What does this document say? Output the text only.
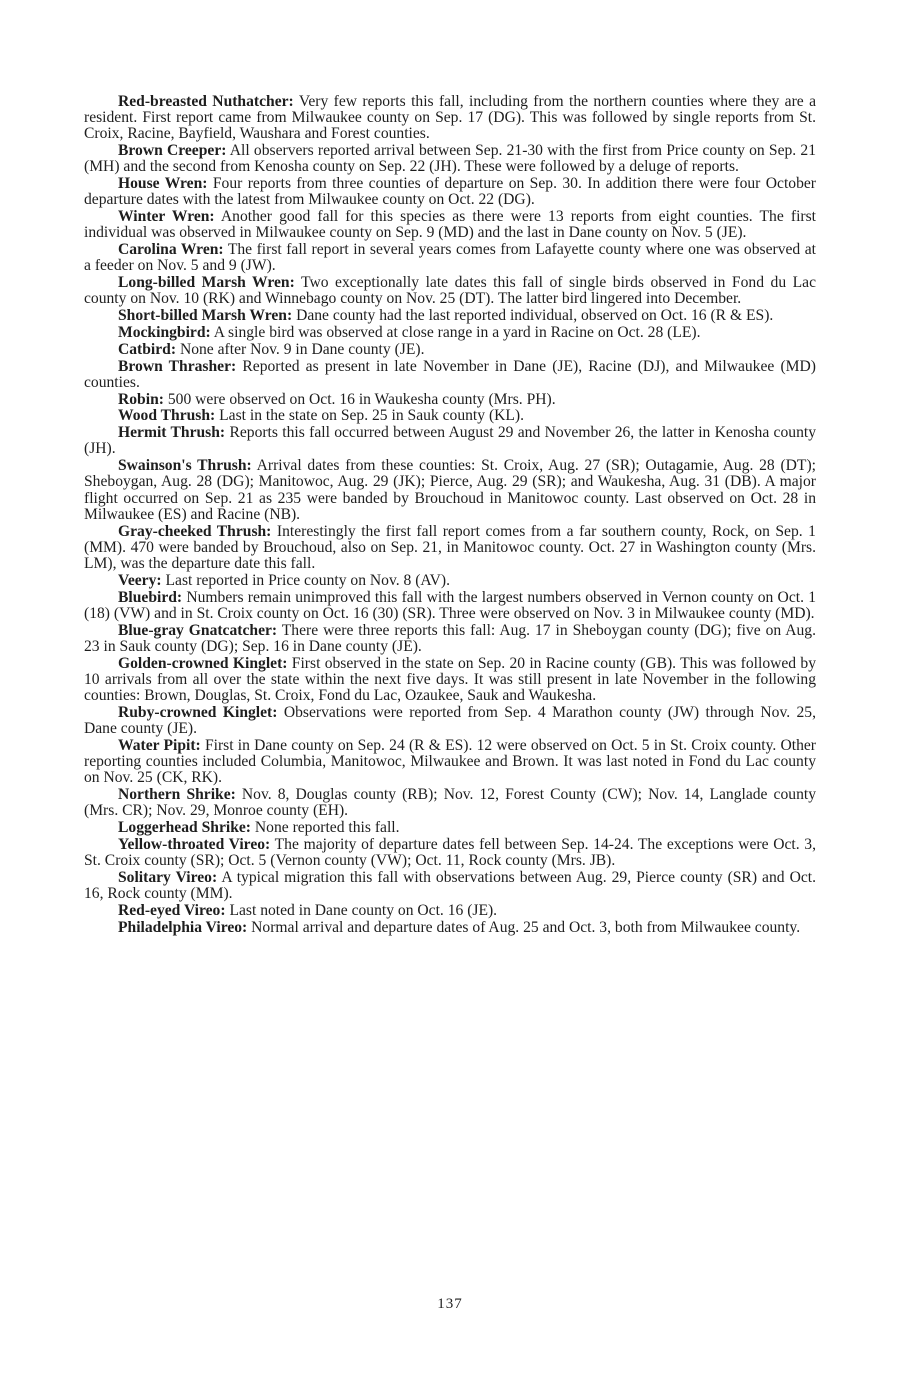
Red-breasted Nuthatcher: Very few reports this fall, including from the northern counties where they are a resident. First report came from Milwaukee county on Sep. 17 (DG). This was followed by single reports from St. Croix, Racine, Bayfield, Waushara and Forest counties.

Brown Creeper: All observers reported arrival between Sep. 21-30 with the first from Price county on Sep. 21 (MH) and the second from Kenosha county on Sep. 22 (JH). These were followed by a deluge of reports.

House Wren: Four reports from three counties of departure on Sep. 30. In addition there were four October departure dates with the latest from Milwaukee county on Oct. 22 (DG).

Winter Wren: Another good fall for this species as there were 13 reports from eight counties. The first individual was observed in Milwaukee county on Sep. 9 (MD) and the last in Dane county on Nov. 5 (JE).

Carolina Wren: The first fall report in several years comes from Lafayette county where one was observed at a feeder on Nov. 5 and 9 (JW).

Long-billed Marsh Wren: Two exceptionally late dates this fall of single birds observed in Fond du Lac county on Nov. 10 (RK) and Winnebago county on Nov. 25 (DT). The latter bird lingered into December.

Short-billed Marsh Wren: Dane county had the last reported individual, observed on Oct. 16 (R & ES).

Mockingbird: A single bird was observed at close range in a yard in Racine on Oct. 28 (LE).

Catbird: None after Nov. 9 in Dane county (JE).

Brown Thrasher: Reported as present in late November in Dane (JE), Racine (DJ), and Milwaukee (MD) counties.

Robin: 500 were observed on Oct. 16 in Waukesha county (Mrs. PH).

Wood Thrush: Last in the state on Sep. 25 in Sauk county (KL).

Hermit Thrush: Reports this fall occurred between August 29 and November 26, the latter in Kenosha county (JH).

Swainson's Thrush: Arrival dates from these counties: St. Croix, Aug. 27 (SR); Outagamie, Aug. 28 (DT); Sheboygan, Aug. 28 (DG); Manitowoc, Aug. 29 (JK); Pierce, Aug. 29 (SR); and Waukesha, Aug. 31 (DB). A major flight occurred on Sep. 21 as 235 were banded by Brouchoud in Manitowoc county. Last observed on Oct. 28 in Milwaukee (ES) and Racine (NB).

Gray-cheeked Thrush: Interestingly the first fall report comes from a far southern county, Rock, on Sep. 1 (MM). 470 were banded by Brouchoud, also on Sep. 21, in Manitowoc county. Oct. 27 in Washington county (Mrs. LM), was the departure date this fall.

Veery: Last reported in Price county on Nov. 8 (AV).

Bluebird: Numbers remain unimproved this fall with the largest numbers observed in Vernon county on Oct. 1 (18) (VW) and in St. Croix county on Oct. 16 (30) (SR). Three were observed on Nov. 3 in Milwaukee county (MD).

Blue-gray Gnatcatcher: There were three reports this fall: Aug. 17 in Sheboygan county (DG); five on Aug. 23 in Sauk county (DG); Sep. 16 in Dane county (JE).

Golden-crowned Kinglet: First observed in the state on Sep. 20 in Racine county (GB). This was followed by 10 arrivals from all over the state within the next five days. It was still present in late November in the following counties: Brown, Douglas, St. Croix, Fond du Lac, Ozaukee, Sauk and Waukesha.

Ruby-crowned Kinglet: Observations were reported from Sep. 4 Marathon county (JW) through Nov. 25, Dane county (JE).

Water Pipit: First in Dane county on Sep. 24 (R & ES). 12 were observed on Oct. 5 in St. Croix county. Other reporting counties included Columbia, Manitowoc, Milwaukee and Brown. It was last noted in Fond du Lac county on Nov. 25 (CK, RK).

Northern Shrike: Nov. 8, Douglas county (RB); Nov. 12, Forest County (CW); Nov. 14, Langlade county (Mrs. CR); Nov. 29, Monroe county (EH).

Loggerhead Shrike: None reported this fall.

Yellow-throated Vireo: The majority of departure dates fell between Sep. 14-24. The exceptions were Oct. 3, St. Croix county (SR); Oct. 5 (Vernon county (VW); Oct. 11, Rock county (Mrs. JB).

Solitary Vireo: A typical migration this fall with observations between Aug. 29, Pierce county (SR) and Oct. 16, Rock county (MM).

Red-eyed Vireo: Last noted in Dane county on Oct. 16 (JE).

Philadelphia Vireo: Normal arrival and departure dates of Aug. 25 and Oct. 3, both from Milwaukee county.

137
